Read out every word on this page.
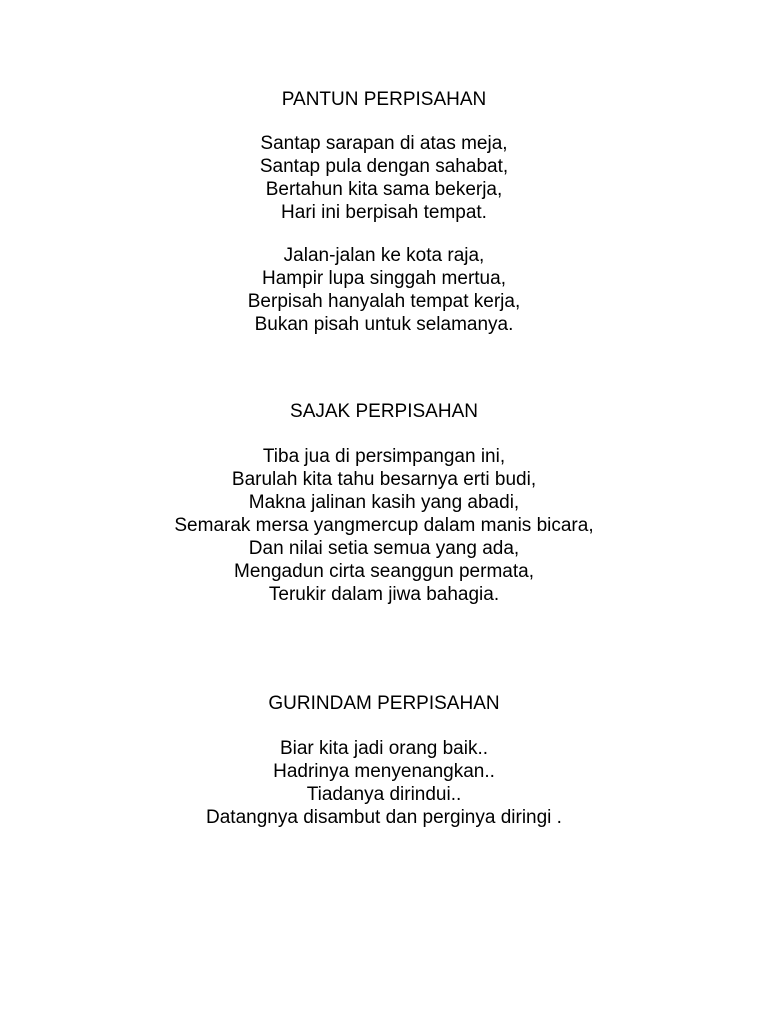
PANTUN PERPISAHAN

Santap sarapan di atas meja,

Santap pula dengan sahabat,

Bertahun kita sama bekerja,

Hari ini berpisah tempat.

Jalan-jalan ke kota raja,

Hampir lupa singgah mertua,

Berpisah hanyalah tempat kerja,

Bukan pisah untuk selamanya.

SAJAK PERPISAHAN

Tiba jua di persimpangan ini,

Barulah kita tahu besarnya erti budi,

Makna jalinan kasih yang abadi,

Semarak mersa yangmercup dalam manis bicara,

Dan nilai setia semua yang ada,

Mengadun cirta seanggun permata,

Terukir dalam jiwa bahagia.

GURINDAM PERPISAHAN

Biar kita jadi orang baik..

Hadrinya menyenangkan..

Tiadanya dirindui..

Datangnya disambut dan perginya diringi .
